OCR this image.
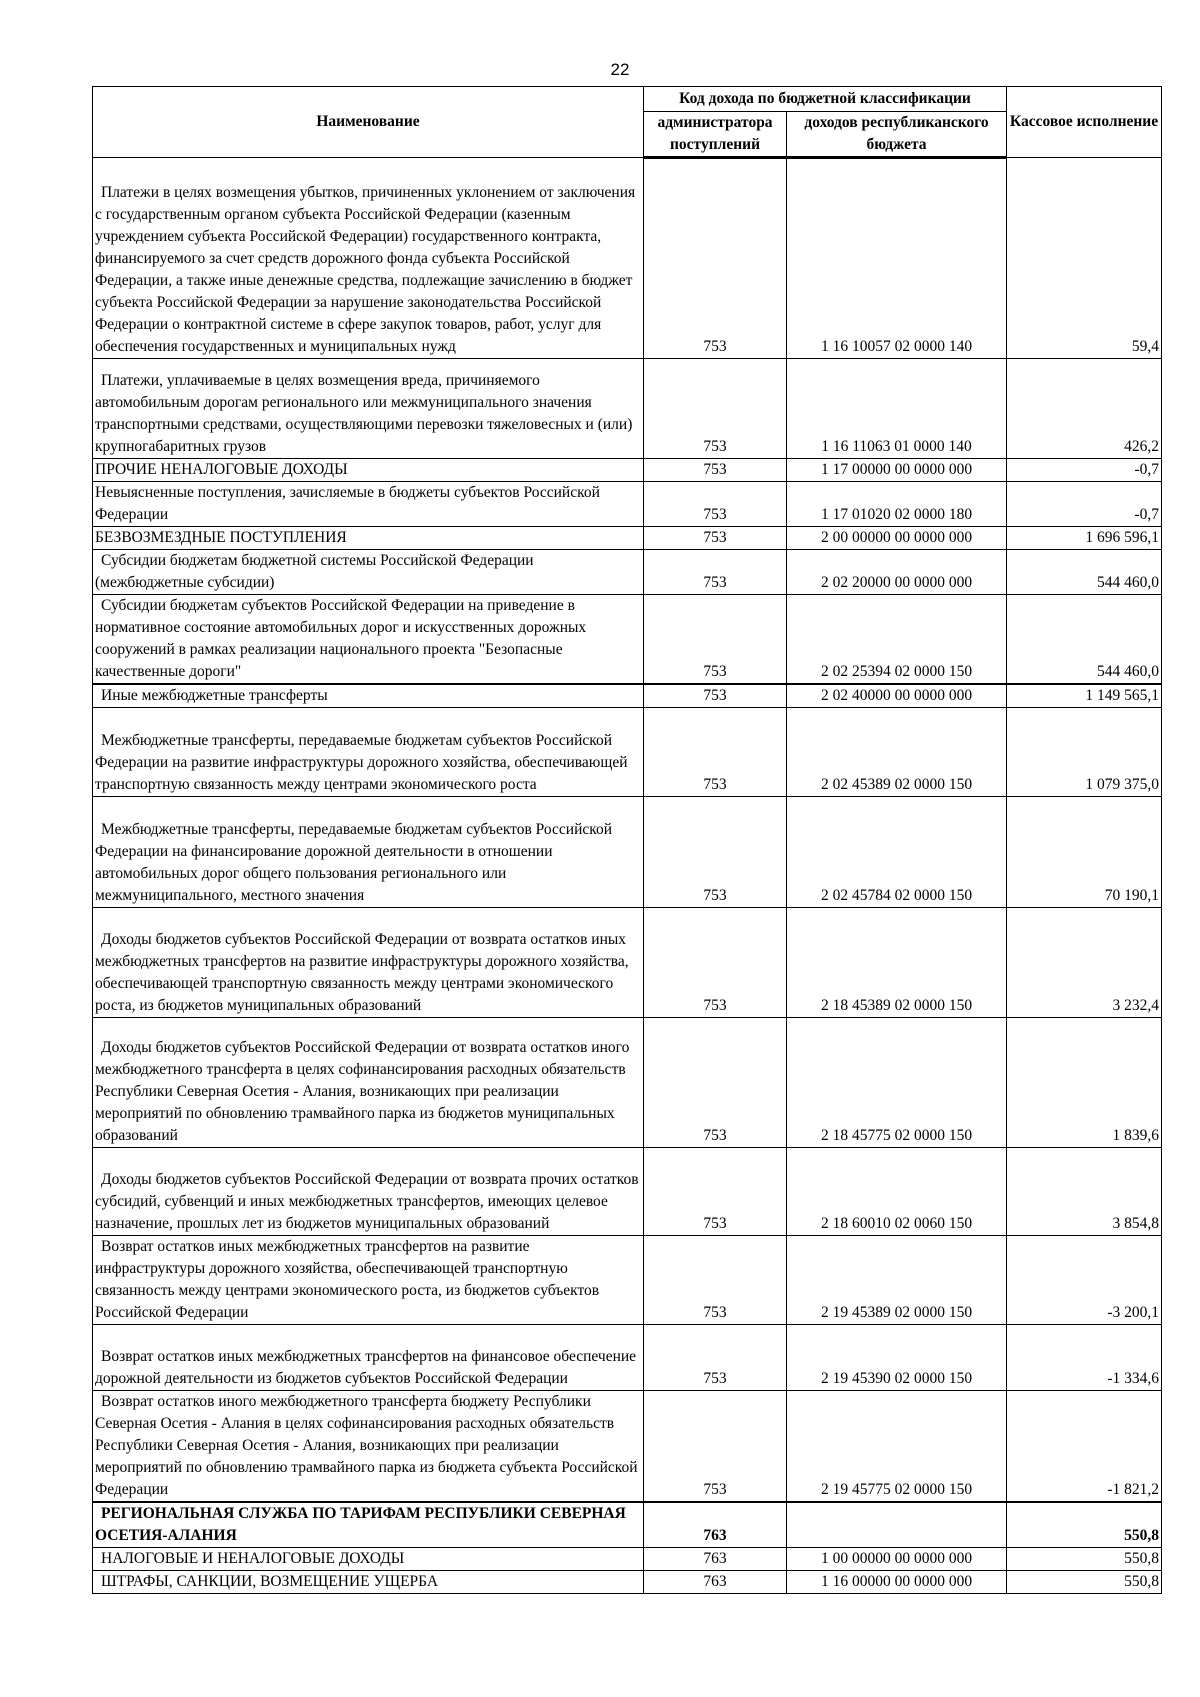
22
Наименование	Код дохода по бюджетной классификации		Кассовое исполнение
	администратора поступлений	доходов республиканского бюджета	
Платежи в целях возмещения убытков, причиненных уклонением от заключения с государственным органом субъекта Российской Федерации (казенным учреждением субъекта Российской Федерации) государственного контракта, финансируемого за счет средств дорожного фонда субъекта Российской Федерации, а также иные денежные средства, подлежащие зачислению в бюджет субъекта Российской Федерации за нарушение законодательства Российской Федерации о контрактной системе в сфере закупок товаров, работ, услуг для обеспечения государственных и муниципальных нужд	753	1 16 10057 02 0000 140	59,4
Платежи, уплачиваемые в целях возмещения вреда, причиняемого автомобильным дорогам регионального или межмуниципального значения транспортными средствами, осуществляющими перевозки тяжеловесных и (или) крупногабаритных грузов	753	1 16 11063 01 0000 140	426,2
ПРОЧИЕ НЕНАЛОГОВЫЕ ДОХОДЫ	753	1 17 00000 00 0000 000	-0,7
Невыясненные поступления, зачисляемые в бюджеты субъектов Российской Федерации	753	1 17 01020 02 0000 180	-0,7
БЕЗВОЗМЕЗДНЫЕ ПОСТУПЛЕНИЯ	753	2 00 00000 00 0000 000	1 696 596,1
Субсидии бюджетам бюджетной системы Российской Федерации (межбюджетные субсидии)	753	2 02 20000 00 0000 000	544 460,0
Субсидии бюджетам субъектов Российской Федерации на приведение в нормативное состояние автомобильных дорог и искусственных дорожных сооружений в рамках реализации национального проекта "Безопасные качественные дороги"	753	2 02 25394 02 0000 150	544 460,0
Иные межбюджетные трансферты	753	2 02 40000 00 0000 000	1 149 565,1
Межбюджетные трансферты, передаваемые бюджетам субъектов Российской Федерации на развитие инфраструктуры дорожного хозяйства, обеспечивающей транспортную связанность между центрами экономического роста	753	2 02 45389 02 0000 150	1 079 375,0
Межбюджетные трансферты, передаваемые бюджетам субъектов Российской Федерации на финансирование дорожной деятельности в отношении автомобильных дорог общего пользования регионального или межмуниципального, местного значения	753	2 02 45784 02 0000 150	70 190,1
Доходы бюджетов субъектов Российской Федерации от возврата остатков иных межбюджетных трансфертов на развитие инфраструктуры дорожного хозяйства, обеспечивающей транспортную связанность между центрами экономического роста, из бюджетов муниципальных образований	753	2 18 45389 02 0000 150	3 232,4
Доходы бюджетов субъектов Российской Федерации от возврата остатков иного межбюджетного трансферта в целях софинансирования расходных обязательств Республики Северная Осетия - Алания, возникающих при реализации мероприятий по обновлению трамвайного парка из бюджетов муниципальных образований	753	2 18 45775 02 0000 150	1 839,6
Доходы бюджетов субъектов Российской Федерации от возврата прочих остатков субсидий, субвенций и иных межбюджетных трансфертов, имеющих целевое назначение, прошлых лет из бюджетов муниципальных образований	753	2 18 60010 02 0060 150	3 854,8
Возврат остатков иных межбюджетных трансфертов на развитие инфраструктуры дорожного хозяйства, обеспечивающей транспортную связанность между центрами экономического роста, из бюджетов субъектов Российской Федерации	753	2 19 45389 02 0000 150	-3 200,1
Возврат остатков иных межбюджетных трансфертов на финансовое обеспечение дорожной деятельности из бюджетов субъектов Российской Федерации	753	2 19 45390 02 0000 150	-1 334,6
Возврат остатков иного межбюджетного трансферта бюджету Республики Северная Осетия - Алания в целях софинансирования расходных обязательств Республики Северная Осетия - Алания, возникающих при реализации мероприятий по обновлению трамвайного парка из бюджета субъекта Российской Федерации	753	2 19 45775 02 0000 150	-1 821,2
РЕГИОНАЛЬНАЯ СЛУЖБА ПО ТАРИФАМ РЕСПУБЛИКИ СЕВЕРНАЯ ОСЕТИЯ-АЛАНИЯ	763		550,8
НАЛОГОВЫЕ И НЕНАЛОГОВЫЕ ДОХОДЫ	763	1 00 00000 00 0000 000	550,8
ШТРАФЫ, САНКЦИИ, ВОЗМЕЩЕНИЕ УЩЕРБА	763	1 16 00000 00 0000 000	550,8
